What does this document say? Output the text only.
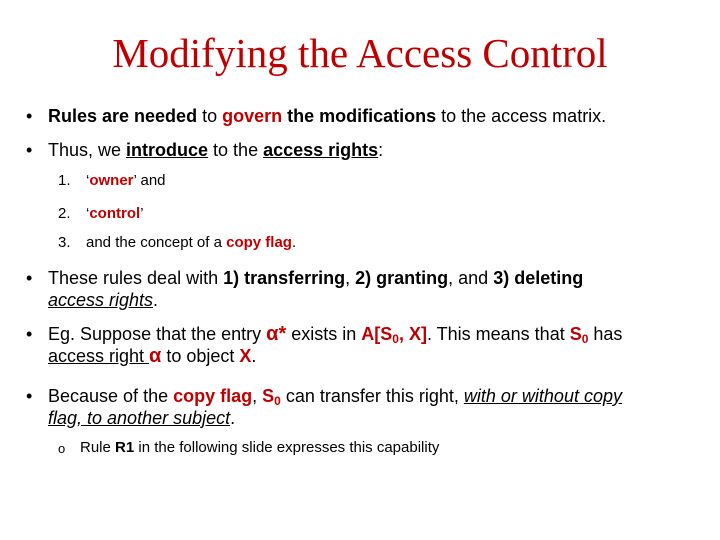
Modifying the Access Control
• Rules are needed to govern the modifications to the access matrix.
• Thus, we introduce to the access rights:
1. ‘owner’ and
2. ‘control’
3. and the concept of a copy flag.
• These rules deal with 1) transferring, 2) granting, and 3) deleting
access rights.
• Eg. Suppose that the entry α* exists in $A[S_0$, X]. This means that $S_0$ has
access right α to object X.
• Because of the copy flag, $S_0$ can transfer this right, with or without copy
flag, to another subject.
o Rule R1 in the following slide expresses this capability
